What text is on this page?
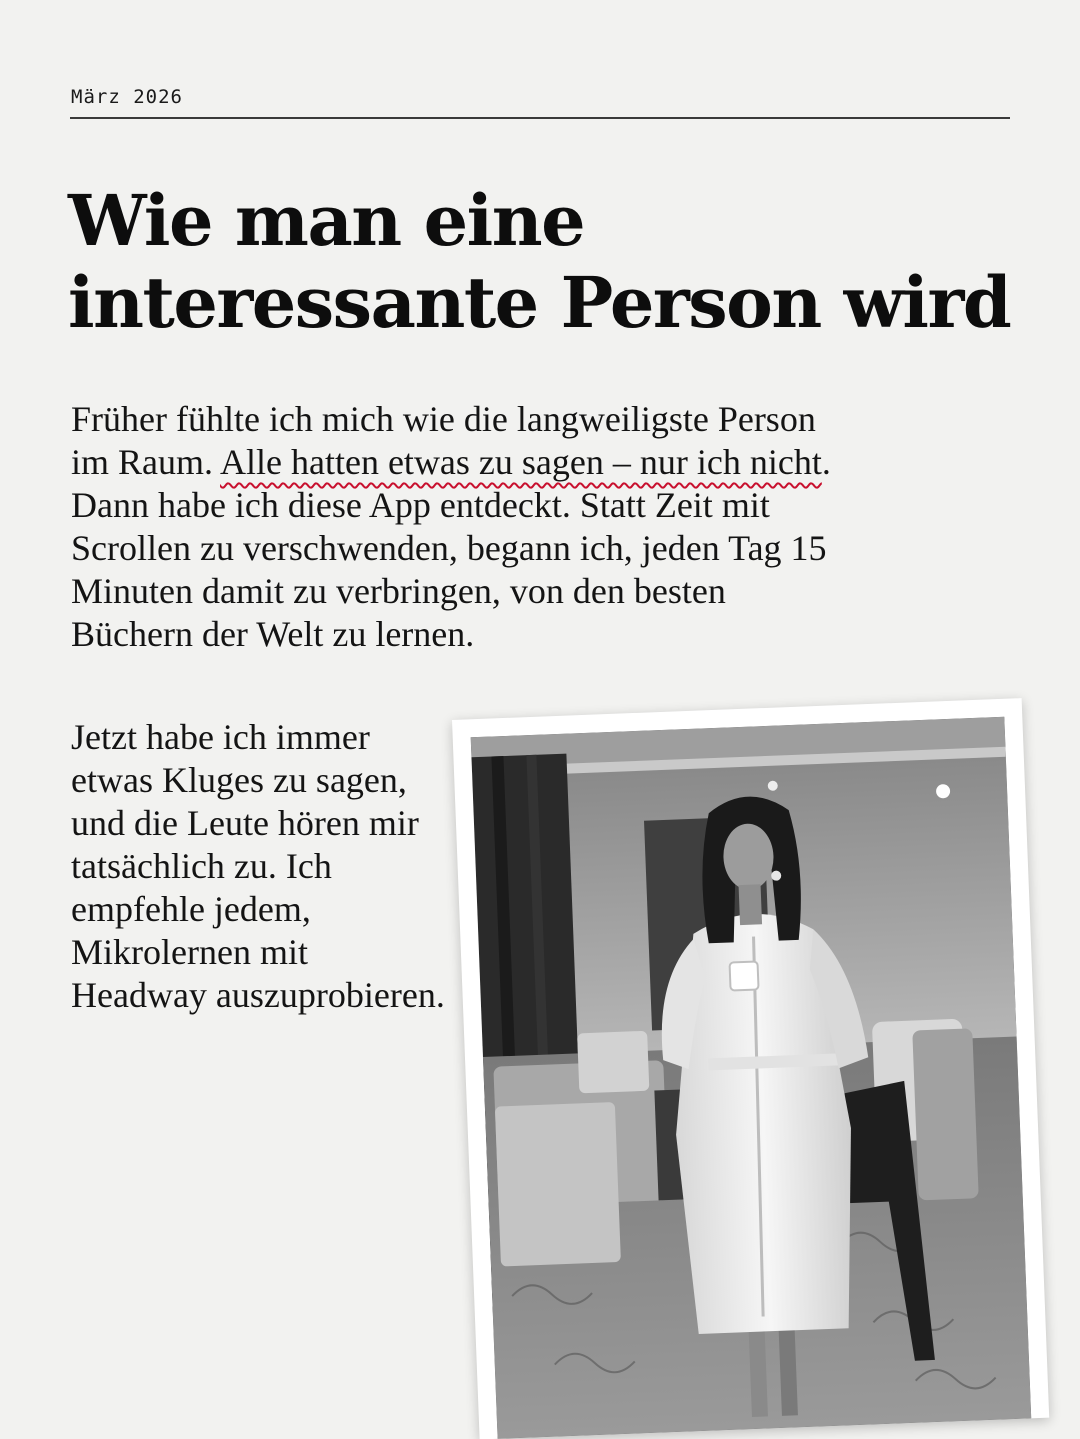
März 2026
Wie man eine interessante Person wird

Früher fühlte ich mich wie die langweiligste Person im Raum. Alle hatten etwas zu sagen – nur ich nicht. Dann habe ich diese App entdeckt. Statt Zeit mit Scrollen zu verschwenden, begann ich, jeden Tag 15 Minuten damit zu verbringen, von den besten Büchern der Welt zu lernen.

Jetzt habe ich immer etwas Kluges zu sagen, und die Leute hören mir tatsächlich zu. Ich empfehle jedem, Mikrolernen mit Headway auszuprobieren.
